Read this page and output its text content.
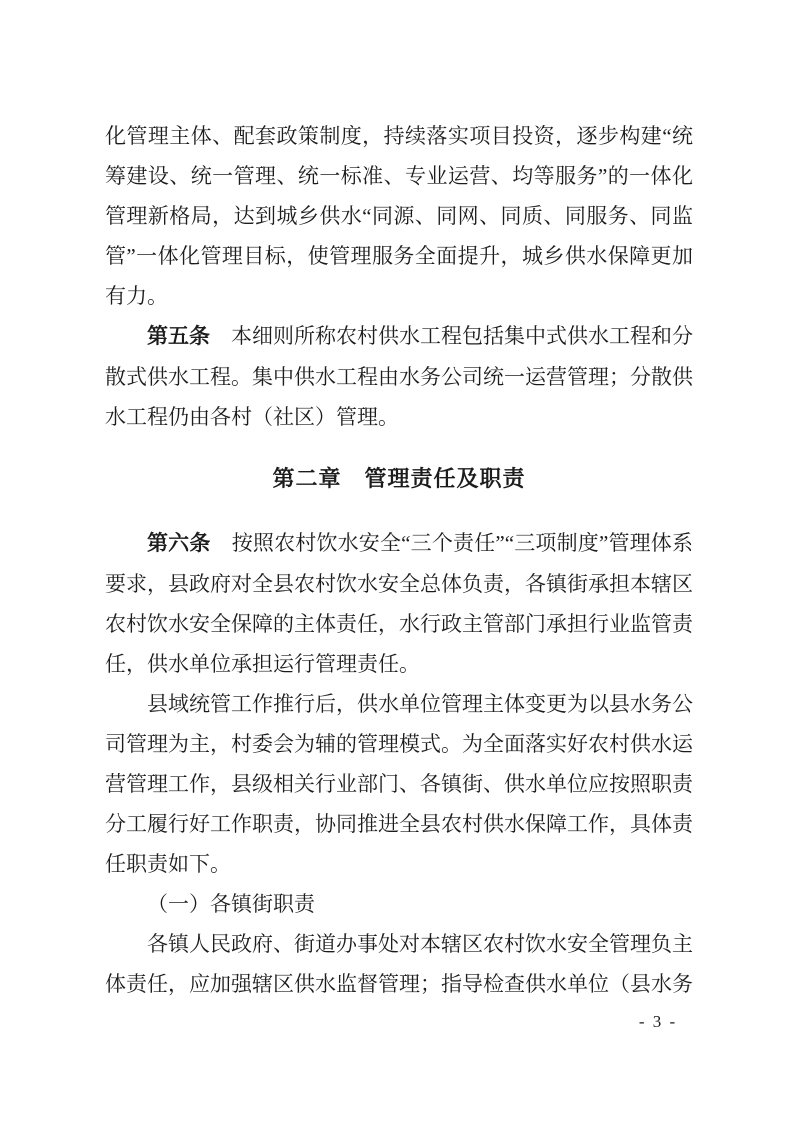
化管理主体、配套政策制度，持续落实项目投资，逐步构建“统筹建设、统一管理、统一标准、专业运营、均等服务”的一体化管理新格局，达到城乡供水“同源、同网、同质、同服务、同监管”一体化管理目标，使管理服务全面提升，城乡供水保障更加有力。

第五条　本细则所称农村供水工程包括集中式供水工程和分散式供水工程。集中供水工程由水务公司统一运营管理；分散供水工程仍由各村（社区）管理。

第二章　管理责任及职责

第六条　按照农村饮水安全“三个责任”“三项制度”管理体系要求，县政府对全县农村饮水安全总体负责，各镇街承担本辖区农村饮水安全保障的主体责任，水行政主管部门承担行业监管责任，供水单位承担运行管理责任。

县域统管工作推行后，供水单位管理主体变更为以县水务公司管理为主，村委会为辅的管理模式。为全面落实好农村供水运营管理工作，县级相关行业部门、各镇街、供水单位应按照职责分工履行好工作职责，协同推进全县农村供水保障工作，具体责任职责如下。

（一）各镇街职责

各镇人民政府、街道办事处对本辖区农村饮水安全管理负主体责任，应加强辖区供水监督管理；指导检查供水单位（县水务

- 3 -
